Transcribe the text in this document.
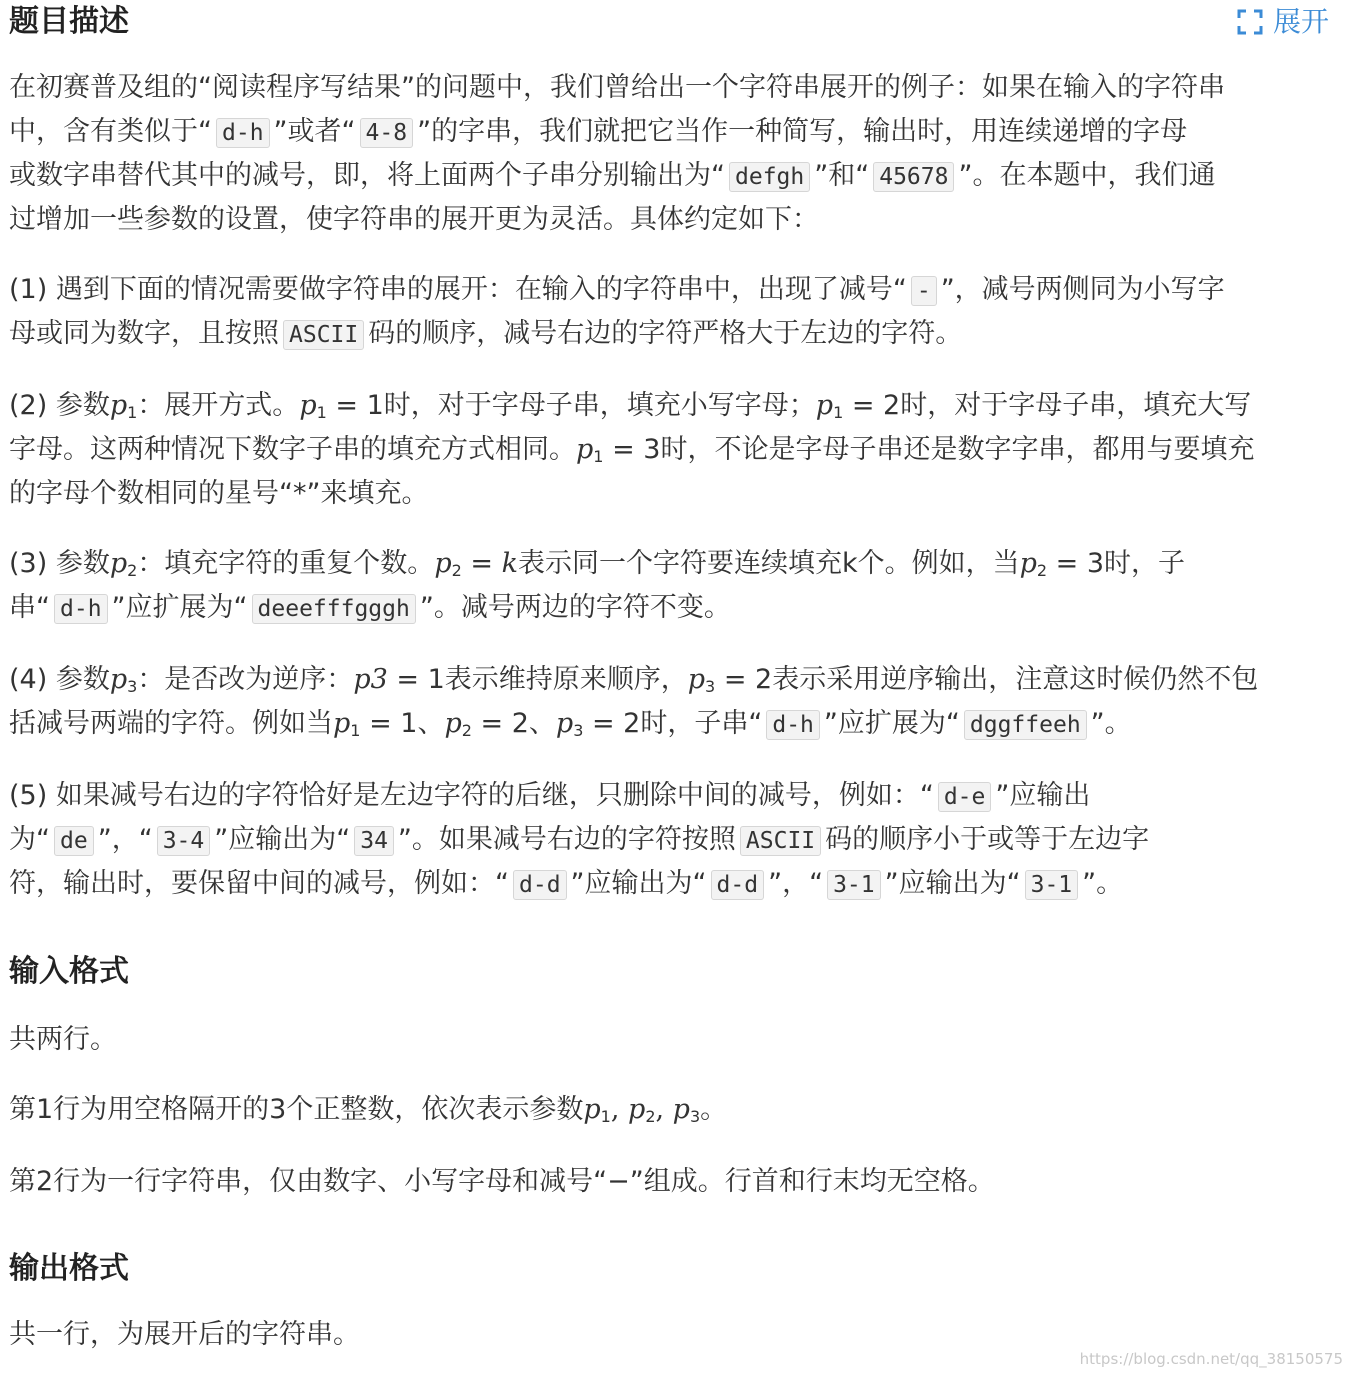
题目描述	展开
在初赛普及组的“阅读程序写结果”的问题中，我们曾给出一个字符串展开的例子：如果在输入的字符串
中，含有类似于“ d-h ”或者“ 4-8 ”的字串，我们就把它当作一种简写，输出时，用连续递增的字母
或数字串替代其中的减号，即，将上面两个子串分别输出为“ defgh ”和“ 45678 ”。在本题中，我们通
过增加一些参数的设置，使字符串的展开更为灵活。具体约定如下：
(1) 遇到下面的情况需要做字符串的展开：在输入的字符串中，出现了减号“ - ”，减号两侧同为小写字
母或同为数字，且按照 ASCII 码的顺序，减号右边的字符严格大于左边的字符。
(2) 参数$p_1$：展开方式。$p_1 = 1$时，对于字母子串，填充小写字母；$p_1 = 2$时，对于字母子串，填充大写
字母。这两种情况下数字子串的填充方式相同。$p_1 = 3$时，不论是字母子串还是数字字串，都用与要填充
的字母个数相同的星号“*”来填充。
(3) 参数$p_2$：填充字符的重复个数。$p_2 = k$表示同一个字符要连续填充k个。例如，当$p_2 = 3$时，子
串“ d-h ”应扩展为“ deeefffgggh ”。减号两边的字符不变。
(4) 参数$p_3$：是否改为逆序：p3 = 1表示维持原来顺序，$p_3 = 2$表示采用逆序输出，注意这时候仍然不包
括减号两端的字符。例如当$p_1 = 1$、$p_2 = 2$、$p_3 = 2$时，子串“ d-h ”应扩展为“ dggffeeh ”。
(5) 如果减号右边的字符恰好是左边字符的后继，只删除中间的减号，例如：“ d-e ”应输出
为“ de ”，“ 3-4 ”应输出为“ 34 ”。如果减号右边的字符按照 ASCII 码的顺序小于或等于左边字
符，输出时，要保留中间的减号，例如：“ d-d ”应输出为“ d-d ”，“ 3-1 ”应输出为“ 3-1 ”。
输入格式
共两行。
第1行为用空格隔开的3个正整数，依次表示参数$p_1$, $p_2$, $p_3$。
第2行为一行字符串，仅由数字、小写字母和减号“−”组成。行首和行末均无空格。
输出格式
共一行，为展开后的字符串。
https://blog.csdn.net/qq_38150575
